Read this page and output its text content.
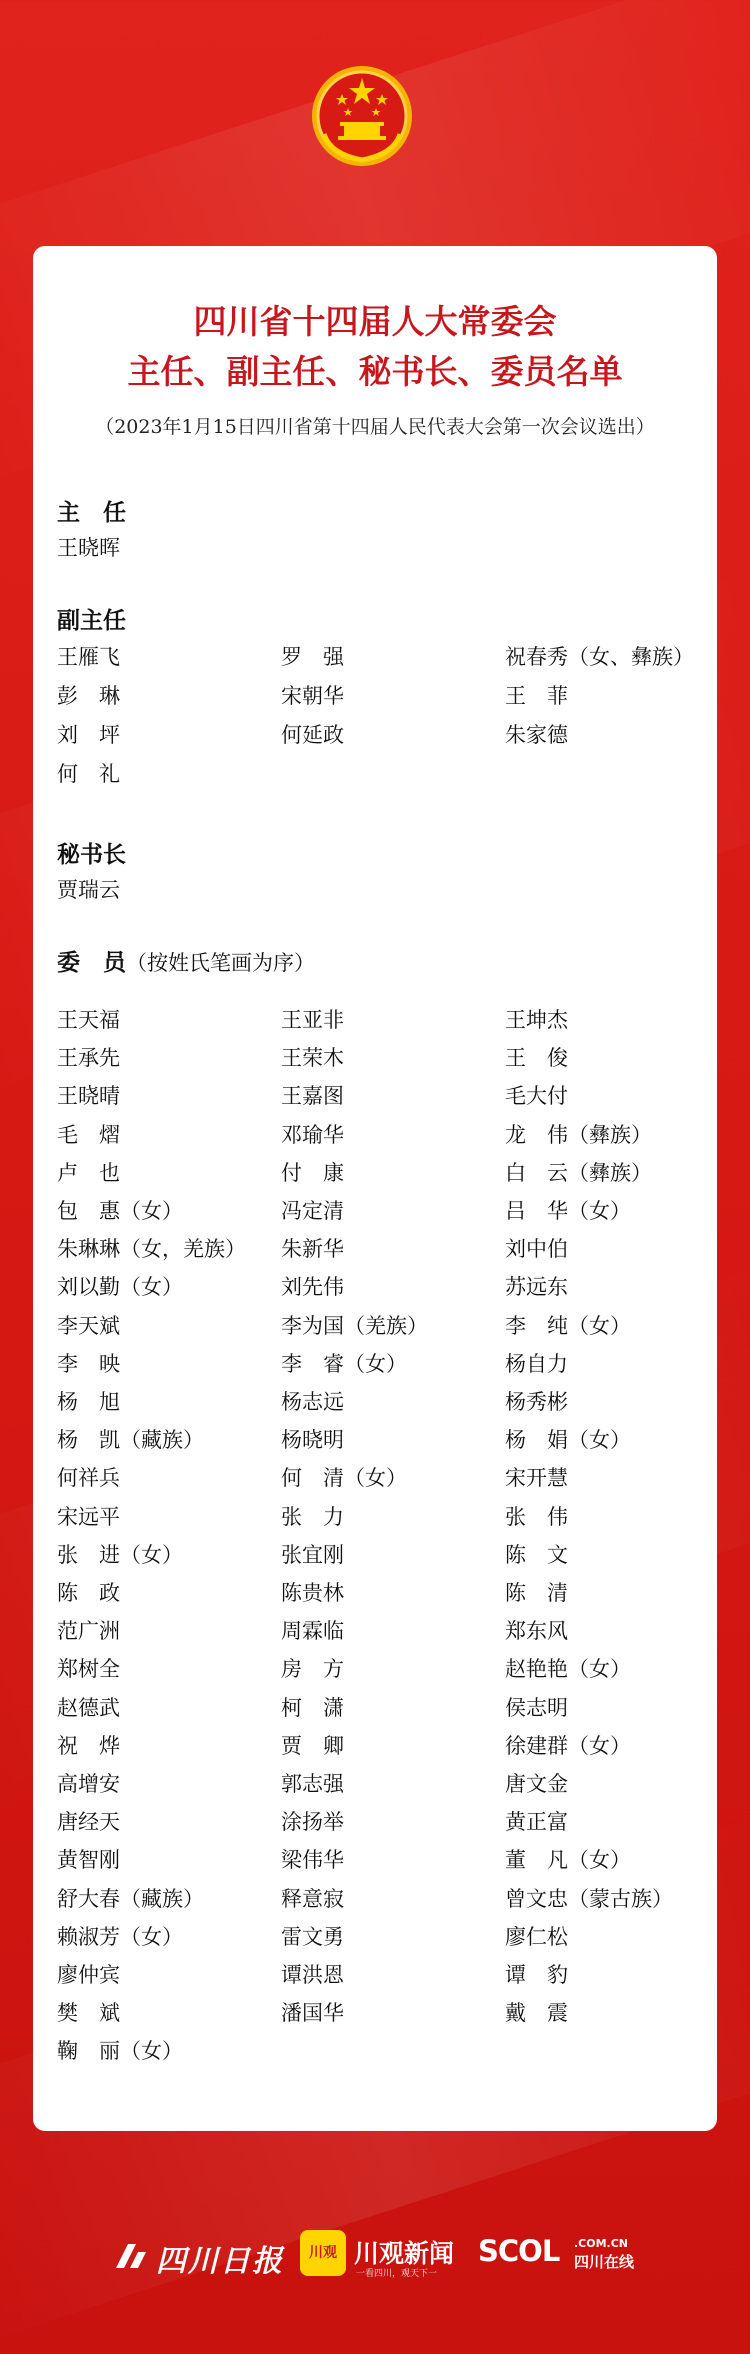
四川省十四届人大常委会
主任、副主任、秘书长、委员名单
（2023年1月15日四川省第十四届人民代表大会第一次会议选出）
主　任
王晓晖
副主任
王雁飞	罗　强	祝春秀（女、彝族）
彭　琳	宋朝华	王　菲
刘　坪	何延政	朱家德
何　礼
秘书长
贾瑞云
委　员（按姓氏笔画为序）
王天福	王亚非	王坤杰
王承先	王荣木	王　俊
王晓晴	王嘉图	毛大付
毛　熠	邓瑜华	龙　伟（彝族）
卢　也	付　康	白　云（彝族）
包　惠（女）	冯定清	吕　华（女）
朱琳琳（女，羌族） 朱新华	刘中伯
刘以勤（女）	刘先伟	苏远东
李天斌	李为国（羌族）	李　纯（女）
李　映	李　睿（女）	杨自力
杨　旭	杨志远	杨秀彬
杨　凯（藏族）	杨晓明	杨　娟（女）
何祥兵	何　清（女）	宋开慧
宋远平	张　力	张　伟
张　进（女）	张宜刚	陈　文
陈　政	陈贵林	陈　清
范广洲	周霖临	郑东风
郑树全	房　方	赵艳艳（女）
赵德武	柯　潇	侯志明
祝　烨	贾　卿	徐建群（女）
高增安	郭志强	唐文金
唐经天	涂扬举	黄正富
黄智刚	梁伟华	董　凡（女）
舒大春（藏族）	释意寂	曾文忠（蒙古族）
赖淑芳（女）	雷文勇	廖仁松
廖仲宾	谭洪恩	谭　豹
樊　斌	潘国华	戴　震
鞠　丽（女）
四川日报	川观 川观新闻
一看四川，观天下一
SCOL .COM.CN
四川在线
